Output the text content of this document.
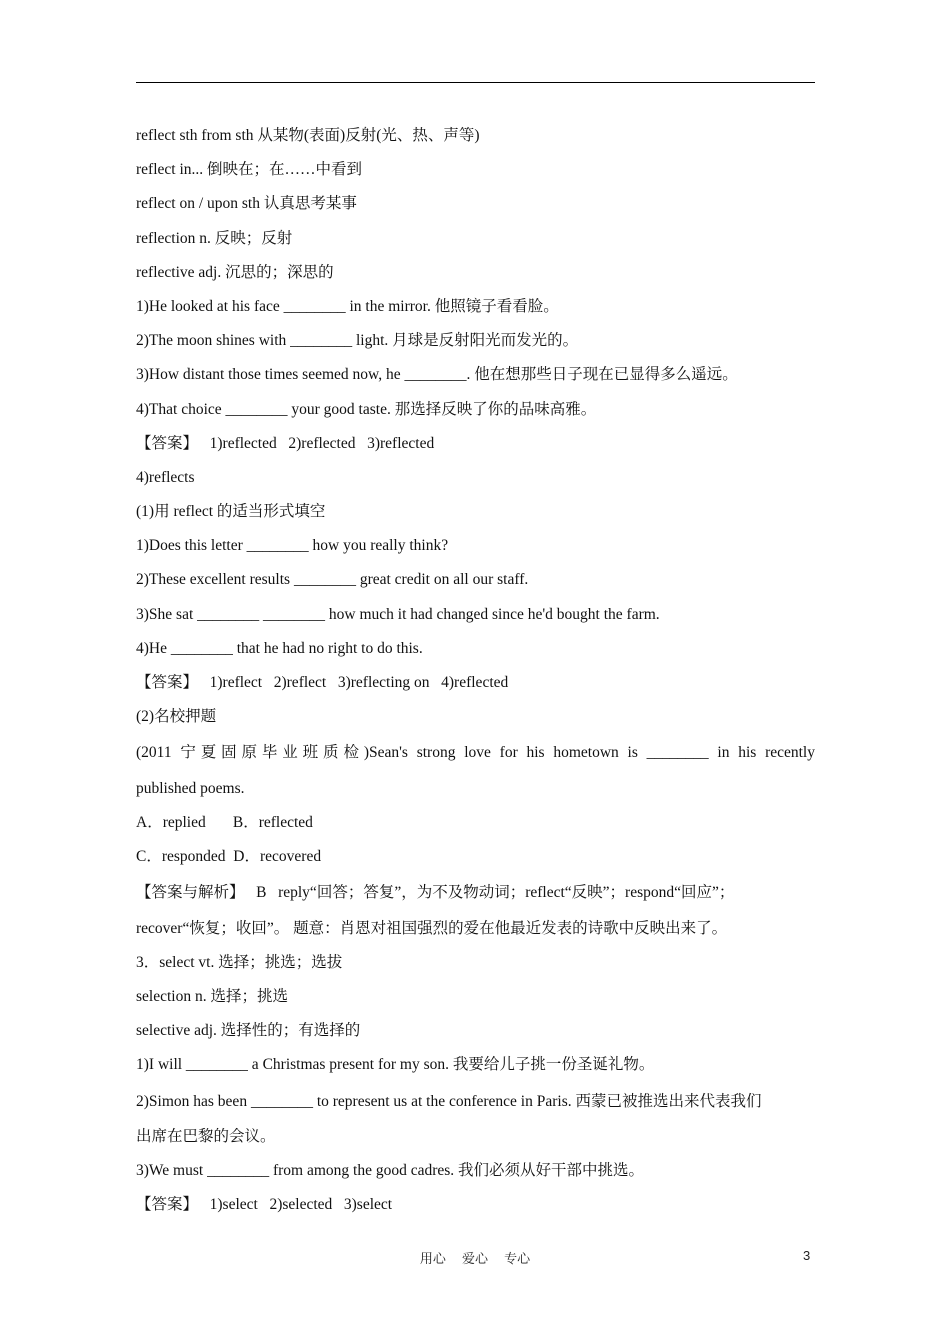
reflect sth from sth 从某物(表面)反射(光、热、声等)
reflect in... 倒映在；在……中看到
reflect on / upon sth 认真思考某事
reflection n. 反映；反射
reflective adj. 沉思的；深思的
1)He looked at his face ________ in the mirror. 他照镜子看看脸。
2)The moon shines with ________ light. 月球是反射阳光而发光的。
3)How distant those times seemed now, he ________. 他在想那些日子现在已显得多么遥远。
4)That choice ________ your good taste. 那选择反映了你的品味高雅。
【答案】   1)reflected   2)reflected   3)reflected
4)reflects
(1)用 reflect 的适当形式填空
1)Does this letter ________ how you really think?
2)These excellent results ________ great credit on all our staff.
3)She sat ________ ________ how much it had changed since he'd bought the farm.
4)He ________ that he had no right to do this.
【答案】   1)reflect   2)reflect   3)reflecting on   4)reflected
(2)名校押题
(2011 宁夏固原毕业班质检)Sean's strong love for his hometown is ________ in his recently
published poems.
A．replied       B．reflected
C．responded  D．recovered
【答案与解析】   B   reply“回答；答复”，为不及物动词；reflect“反映”；respond“回应”；
recover“恢复；收回”。 题意：肖恩对祖国强烈的爱在他最近发表的诗歌中反映出来了。
3．select vt. 选择；挑选；选拔
selection n. 选择；挑选
selective adj. 选择性的；有选择的
1)I will ________ a Christmas present for my son. 我要给儿子挑一份圣诞礼物。
2)Simon has been ________ to represent us at the conference in Paris. 西蒙已被推选出来代表我们
出席在巴黎的会议。
3)We must ________ from among the good cadres. 我们必须从好干部中挑选。
【答案】   1)select   2)selected   3)select
用心 爱心 专心	3
